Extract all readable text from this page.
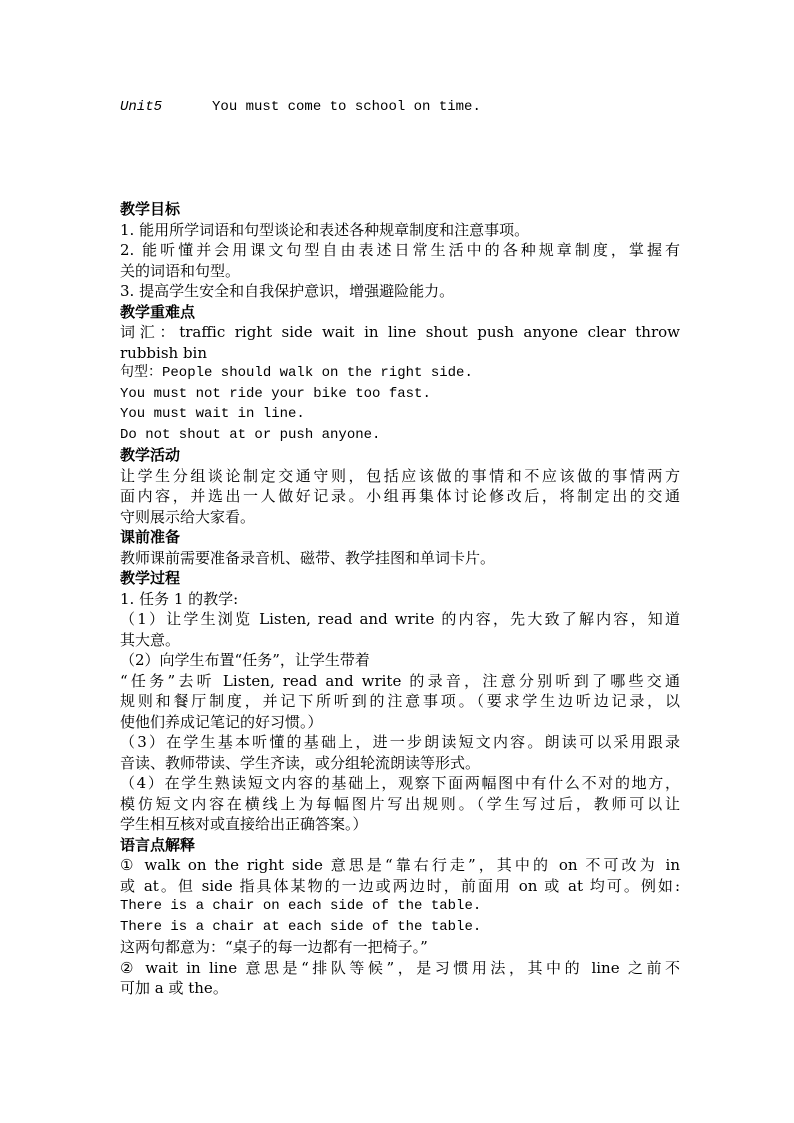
Unit5	You must come to school on time.
教学目标
1. 能用所学词语和句型谈论和表述各种规章制度和注意事项。
2. 能听懂并会用课文句型自由表述日常生活中的各种规章制度，掌握有
关的词语和句型。
3. 提高学生安全和自我保护意识，增强避险能力。
教学重难点
词汇：traffic right side wait in line shout push anyone clear throw
rubbish bin
句型：People should walk on the right side.
You must not ride your bike too fast.
You must wait in line.
Do not shout at or push anyone.
教学活动
让学生分组谈论制定交通守则，包括应该做的事情和不应该做的事情两方
面内容，并选出一人做好记录。小组再集体讨论修改后，将制定出的交通
守则展示给大家看。
课前准备
教师课前需要准备录音机、磁带、教学挂图和单词卡片。
教学过程
1. 任务 1 的教学:
（1）让学生浏览 Listen, read and write 的内容，先大致了解内容，知道
其大意。
（2）向学生布置“任务”，让学生带着
“任务”去听 Listen, read and write 的录音，注意分别听到了哪些交通
规则和餐厅制度，并记下所听到的注意事项。（要求学生边听边记录，以
使他们养成记笔记的好习惯。）
（3）在学生基本听懂的基础上，进一步朗读短文内容。朗读可以采用跟录
音读、教师带读、学生齐读，或分组轮流朗读等形式。
（4）在学生熟读短文内容的基础上，观察下面两幅图中有什么不对的地方，
模仿短文内容在横线上为每幅图片写出规则。（学生写过后，教师可以让
学生相互核对或直接给出正确答案。）
语言点解释
① walk on the right side 意思是“靠右行走”，其中的 on 不可改为 in
或 at。但 side 指具体某物的一边或两边时，前面用 on 或 at 均可。例如:
There is a chair on each side of the table.
There is a chair at each side of the table.
这两句都意为：“桌子的每一边都有一把椅子。”
② wait in line 意思是“排队等候”，是习惯用法，其中的 line 之前不
可加 a 或 the。
